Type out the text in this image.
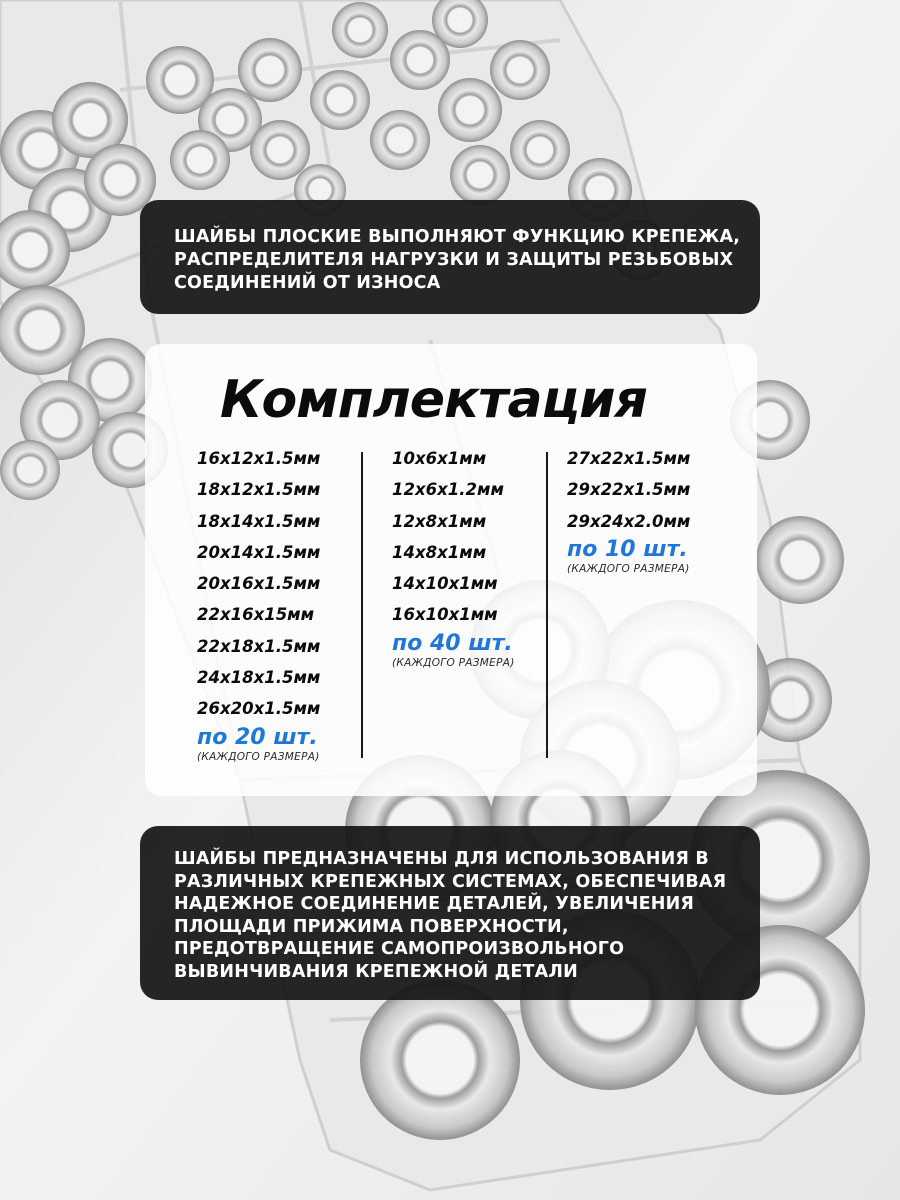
ШАЙБЫ ПЛОСКИЕ ВЫПОЛНЯЮТ ФУНКЦИЮ КРЕПЕЖА,
РАСПРЕДЕЛИТЕЛЯ НАГРУЗКИ И ЗАЩИТЫ РЕЗЬБОВЫХ
СОЕДИНЕНИЙ ОТ ИЗНОСА
Комплектация
16x12x1.5мм
18x12x1.5мм
18x14x1.5мм
20x14x1.5мм
20x16x1.5мм
22x16x15мм
22x18x1.5мм
24x18x1.5мм
26x20x1.5мм
по 20 шт.
(КАЖДОГО РАЗМЕРА)
10x6x1мм
12x6x1.2мм
12x8x1мм
14x8x1мм
14x10x1мм
16x10x1мм
по 40 шт.
(КАЖДОГО РАЗМЕРА)
27x22x1.5мм
29x22x1.5мм
29x24x2.0мм
по 10 шт.
(КАЖДОГО РАЗМЕРА)
ШАЙБЫ ПРЕДНАЗНАЧЕНЫ ДЛЯ ИСПОЛЬЗОВАНИЯ В
РАЗЛИЧНЫХ КРЕПЕЖНЫХ СИСТЕМАХ, ОБЕСПЕЧИВАЯ
НАДЕЖНОЕ СОЕДИНЕНИЕ ДЕТАЛЕЙ, УВЕЛИЧЕНИЯ
ПЛОЩАДИ ПРИЖИМА ПОВЕРХНОСТИ,
ПРЕДОТВРАЩЕНИЕ САМОПРОИЗВОЛЬНОГО
ВЫВИНЧИВАНИЯ КРЕПЕЖНОЙ ДЕТАЛИ
